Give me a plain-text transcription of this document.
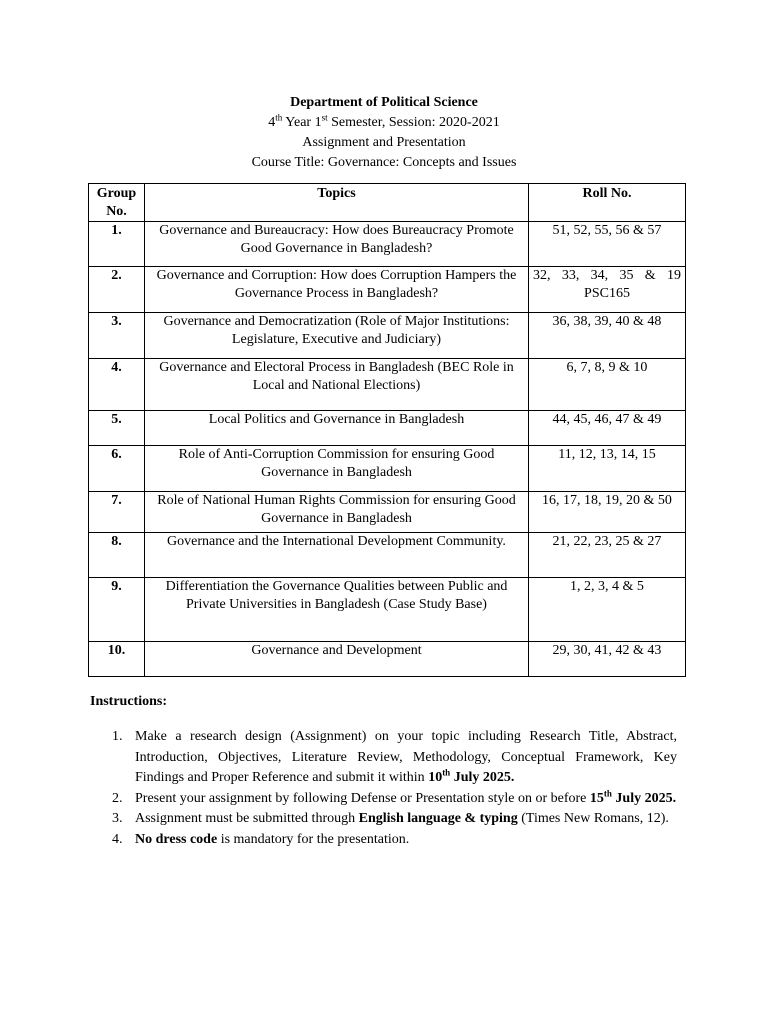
Department of Political Science
4th Year 1st Semester, Session: 2020-2021
Assignment and Presentation
Course Title: Governance: Concepts and Issues
Group No.	Topics	Roll No.
1.	Governance and Bureaucracy: How does Bureaucracy Promote Good Governance in Bangladesh?	51, 52, 55, 56 & 57
2.	Governance and Corruption: How does Corruption Hampers the Governance Process in Bangladesh?	32, 33, 34, 35 & 19 PSC165
3.	Governance and Democratization (Role of Major Institutions: Legislature, Executive and Judiciary)	36, 38, 39, 40 & 48
4.	Governance and Electoral Process in Bangladesh (BEC Role in Local and National Elections)	6, 7, 8, 9 & 10
5.	Local Politics and Governance in Bangladesh	44, 45, 46, 47 & 49
6.	Role of Anti-Corruption Commission for ensuring Good Governance in Bangladesh	11, 12, 13, 14, 15
7.	Role of National Human Rights Commission for ensuring Good Governance in Bangladesh	16, 17, 18, 19, 20 & 50
8.	Governance and the International Development Community.	21, 22, 23, 25 & 27
9.	Differentiation the Governance Qualities between Public and Private Universities in Bangladesh (Case Study Base)	1, 2, 3, 4 & 5
10.	Governance and Development	29, 30, 41, 42 & 43
Instructions:
1. Make a research design (Assignment) on your topic including Research Title, Abstract, Introduction, Objectives, Literature Review, Methodology, Conceptual Framework, Key Findings and Proper Reference and submit it within 10th July 2025.
2. Present your assignment by following Defense or Presentation style on or before 15th July 2025.
3. Assignment must be submitted through English language & typing (Times New Romans, 12).
4. No dress code is mandatory for the presentation.
